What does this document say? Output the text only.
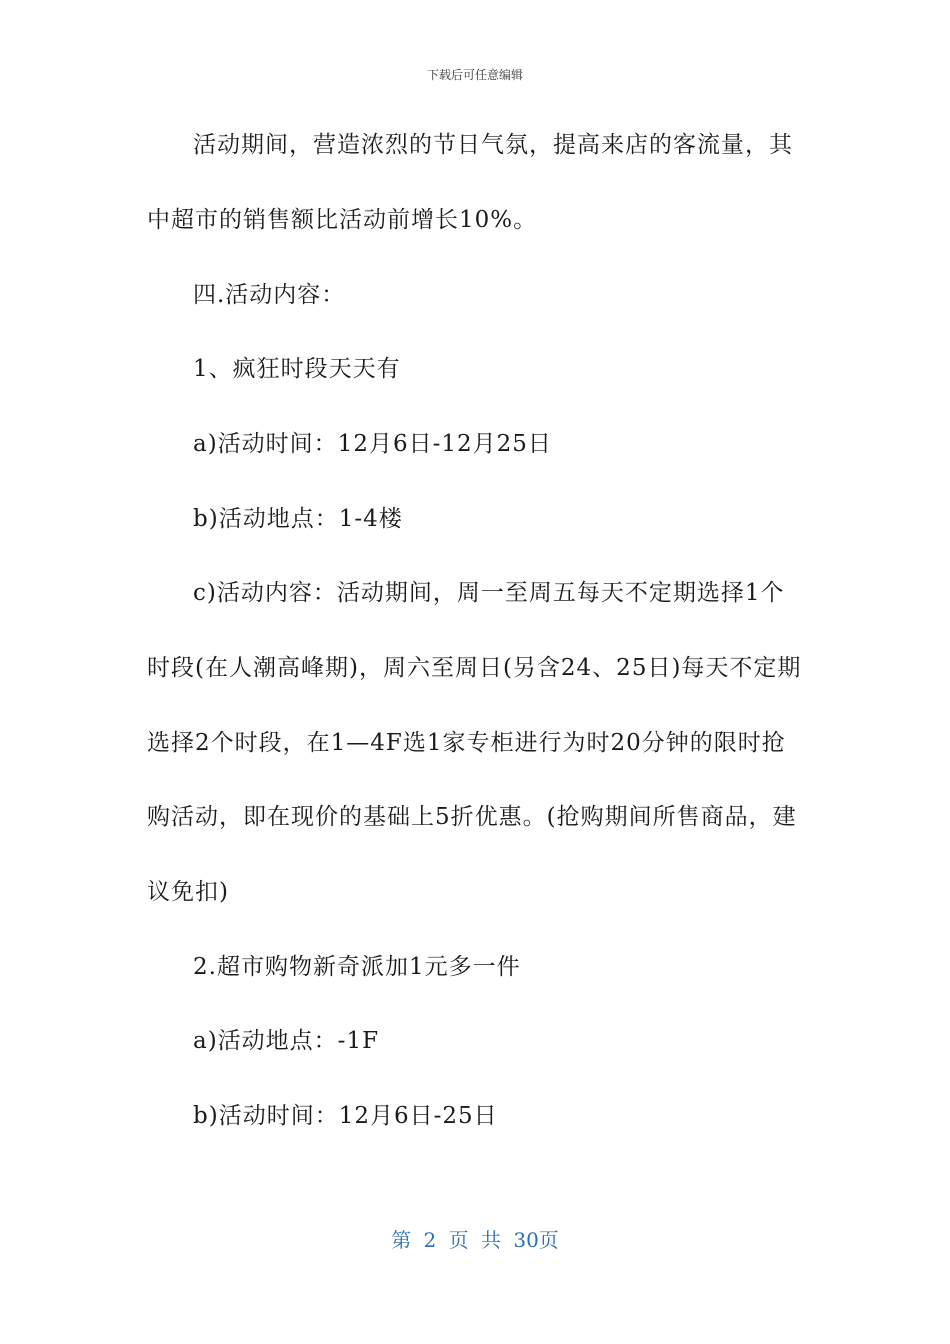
下载后可任意编辑
活动期间，营造浓烈的节日气氛，提高来店的客流量，其
中超市的销售额比活动前增长10%。
四.活动内容：
1、疯狂时段天天有
a)活动时间：12月6日-12月25日
b)活动地点：1-4楼
c)活动内容：活动期间，周一至周五每天不定期选择1个
时段(在人潮高峰期)，周六至周日(另含24、25日)每天不定期
选择2个时段，在1—4F选1家专柜进行为时20分钟的限时抢
购活动，即在现价的基础上5折优惠。(抢购期间所售商品，建
议免扣)
2.超市购物新奇派加1元多一件
a)活动地点：-1F
b)活动时间：12月6日-25日
第 2 页 共 30页
